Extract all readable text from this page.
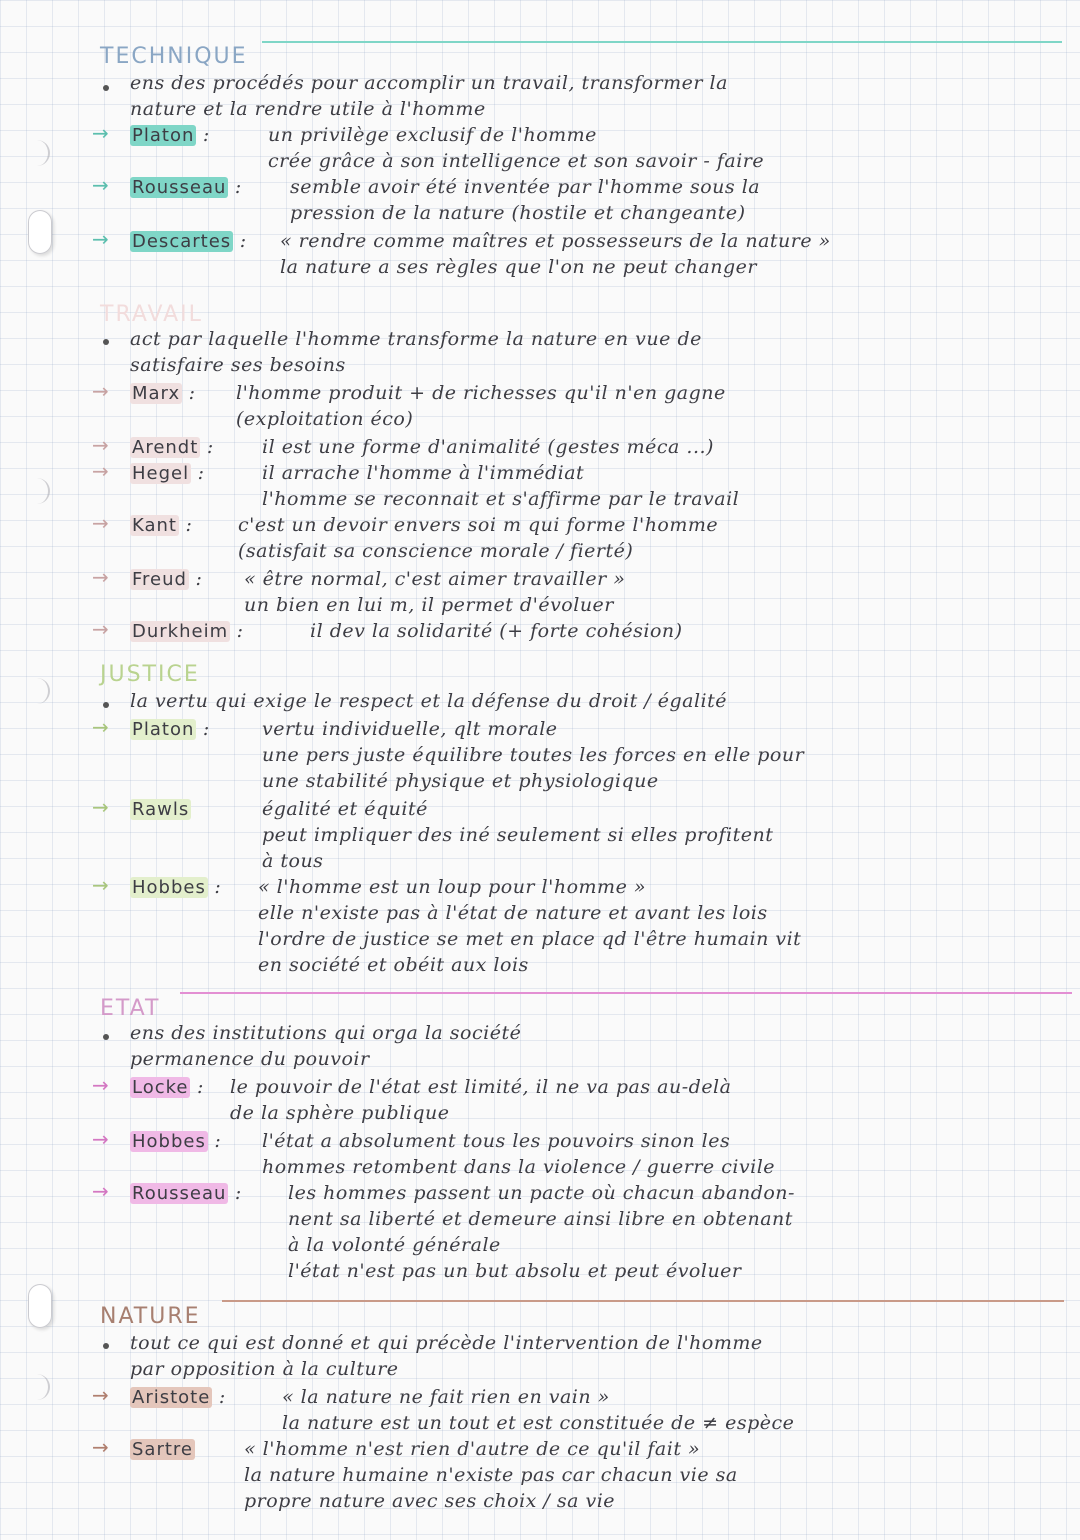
TECHNIQUE
ens des procédés pour accomplir un travail, transformer la
nature et la rendre utile à l'homme
→ Platon :	un privilège exclusif de l'homme
crée grâce à son intelligence et son savoir - faire
→ Rousseau :	semble avoir été inventée par l'homme sous la
pression de la nature (hostile et changeante)
→ Descartes : « rendre comme maîtres et possesseurs de la nature »
la nature a ses règles que l'on ne peut changer
TRAVAIL
act par laquelle l'homme transforme la nature en vue de
satisfaire ses besoins
→ Marx : l'homme produit + de richesses qu'il n'en gagne
(exploitation éco)
→ Arendt :	il est une forme d'animalité (gestes méca ...)
→ Hegel :	il arrache l'homme à l'immédiat
l'homme se reconnait et s'affirme par le travail
→ Kant : c'est un devoir envers soi m qui forme l'homme
(satisfait sa conscience morale / fierté)
→ Freud : « être normal, c'est aimer travailler »
un bien en lui m, il permet d'évoluer
→ Durkheim :	il dev la solidarité (+ forte cohésion)
JUSTICE
la vertu qui exige le respect et la défense du droit / égalité
→ Platon :	vertu individuelle, qlt morale
une pers juste équilibre toutes les forces en elle pour
une stabilité physique et physiologique
→ Rawls	égalité et équité
peut impliquer des iné seulement si elles profitent
à tous
→ Hobbes : « l'homme est un loup pour l'homme »
elle n'existe pas à l'état de nature et avant les lois
l'ordre de justice se met en place qd l'être humain vit
en société et obéit aux lois
ETAT
ens des institutions qui orga la société
permanence du pouvoir
→ Locke : le pouvoir de l'état est limité, il ne va pas au-delà
de la sphère publique
→ Hobbes : l'état a absolument tous les pouvoirs sinon les
hommes retombent dans la violence / guerre civile
→ Rousseau : les hommes passent un pacte où chacun abandon-
nent sa liberté et demeure ainsi libre en obtenant
à la volonté générale
l'état n'est pas un but absolu et peut évoluer
NATURE
tout ce qui est donné et qui précède l'intervention de l'homme
par opposition à la culture
→ Aristote :	« la nature ne fait rien en vain »
la nature est un tout et est constituée de ≠ espèce
→ Sartre	« l'homme n'est rien d'autre de ce qu'il fait »
la nature humaine n'existe pas car chacun vie sa
propre nature avec ses choix / sa vie
